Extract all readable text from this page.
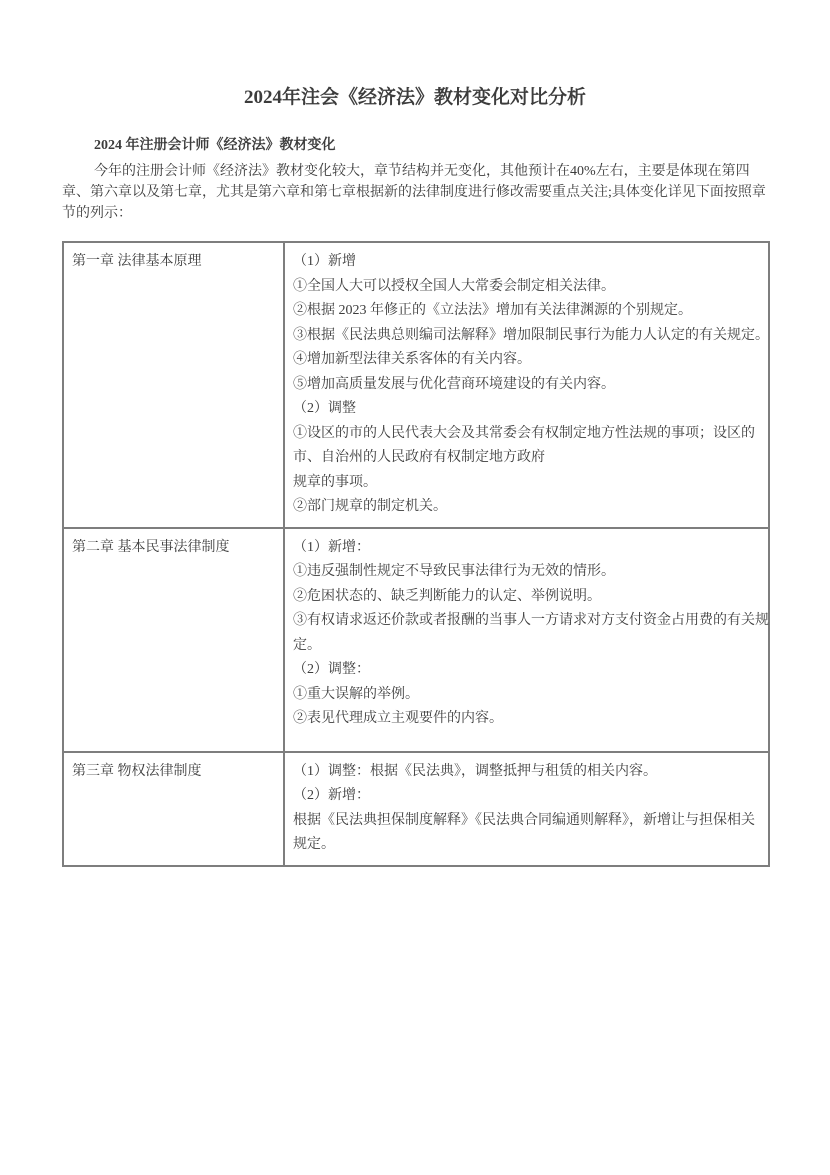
2024年注会《经济法》教材变化对比分析
2024 年注册会计师《经济法》教材变化
今年的注册会计师《经济法》教材变化较大，章节结构并无变化，其他预计在40%左右，主要是体现在第四
章、第六章以及第七章，尤其是第六章和第七章根据新的法律制度进行修改需要重点关注;具体变化详见下面按照章
节的列示：
第一章 法律基本原理	（1）新增
①全国人大可以授权全国人大常委会制定相关法律。
②根据 2023 年修正的《立法法》增加有关法律渊源的个别规定。
③根据《民法典总则编司法解释》增加限制民事行为能力人认定的有关规定。
④增加新型法律关系客体的有关内容。
⑤增加高质量发展与优化营商环境建设的有关内容。
（2）调整
①设区的市的人民代表大会及其常委会有权制定地方性法规的事项；设区的
市、自治州的人民政府有权制定地方政府
规章的事项。
②部门规章的制定机关。

第二章 基本民事法律制度	（1）新增：
①违反强制性规定不导致民事法律行为无效的情形。
②危困状态的、缺乏判断能力的认定、举例说明。
③有权请求返还价款或者报酬的当事人一方请求对方支付资金占用费的有关规
定。
（2）调整：
①重大误解的举例。
②表见代理成立主观要件的内容。

第三章 物权法律制度	（1）调整：根据《民法典》，调整抵押与租赁的相关内容。
（2）新增：
根据《民法典担保制度解释》《民法典合同编通则解释》，新增让与担保相关
规定。
